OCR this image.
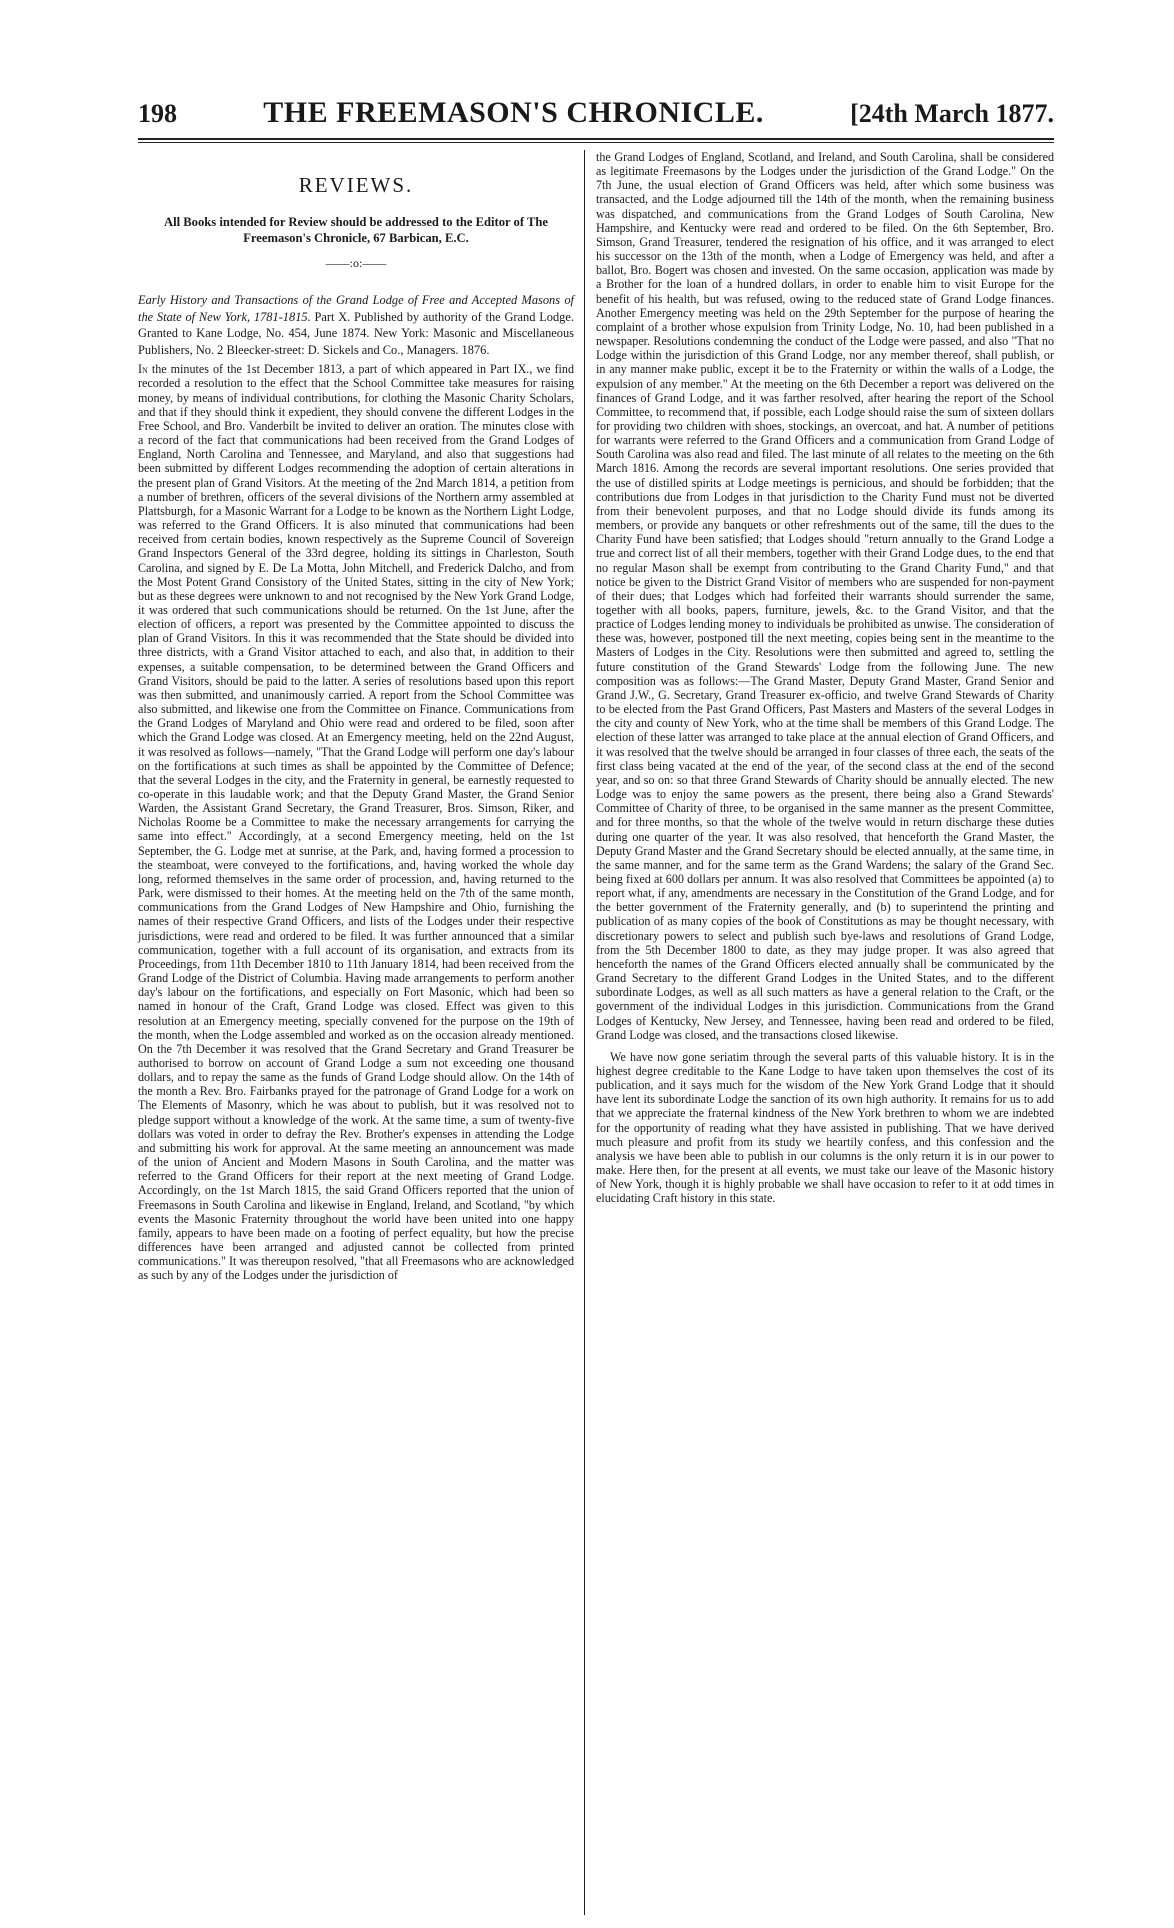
198	THE FREEMASON'S CHRONICLE.	[24th March 1877.
REVIEWS.
All Books intended for Review should be addressed to the Editor of The Freemason's Chronicle, 67 Barbican, E.C.
——:o:——

Early History and Transactions of the Grand Lodge of Free and Accepted Masons of the State of New York, 1781-1815. Part X. Published by authority of the Grand Lodge. Granted to Kane Lodge, No. 454, June 1874. New York: Masonic and Miscellaneous Publishers, No. 2 Bleecker-street: D. Sickels and Co., Managers. 1876.

In the minutes of the 1st December 1813, a part of which appeared in Part IX., we find recorded a resolution to the effect that the School Committee take measures for raising money, by means of individual contributions, for clothing the Masonic Charity Scholars, and that if they should think it expedient, they should convene the different Lodges in the Free School, and Bro. Vanderbilt be invited to deliver an oration. The minutes close with a record of the fact that communications had been received from the Grand Lodges of England, North Carolina and Tennessee, and Maryland, and also that suggestions had been submitted by different Lodges recommending the adoption of certain alterations in the present plan of Grand Visitors. At the meeting of the 2nd March 1814, a petition from a number of brethren, officers of the several divisions of the Northern army assembled at Plattsburgh, for a Masonic Warrant for a Lodge to be known as the Northern Light Lodge, was referred to the Grand Officers. It is also minuted that communications had been received from certain bodies, known respectively as the Supreme Council of Sovereign Grand Inspectors General of the 33rd degree, holding its sittings in Charleston, South Carolina, and signed by E. De La Motta, John Mitchell, and Frederick Dalcho, and from the Most Potent Grand Consistory of the United States, sitting in the city of New York; but as these degrees were unknown to and not recognised by the New York Grand Lodge, it was ordered that such communications should be returned. On the 1st June, after the election of officers, a report was presented by the Committee appointed to discuss the plan of Grand Visitors. In this it was recommended that the State should be divided into three districts, with a Grand Visitor attached to each, and also that, in addition to their expenses, a suitable compensation, to be determined between the Grand Officers and Grand Visitors, should be paid to the latter. A series of resolutions based upon this report was then submitted, and unanimously carried. A report from the School Committee was also submitted, and likewise one from the Committee on Finance. Communications from the Grand Lodges of Maryland and Ohio were read and ordered to be filed, soon after which the Grand Lodge was closed. At an Emergency meeting, held on the 22nd August, it was resolved as follows—namely, "That the Grand Lodge will perform one day's labour on the fortifications at such times as shall be appointed by the Committee of Defence; that the several Lodges in the city, and the Fraternity in general, be earnestly requested to co-operate in this laudable work; and that the Deputy Grand Master, the Grand Senior Warden, the Assistant Grand Secretary, the Grand Treasurer, Bros. Simson, Riker, and Nicholas Roome be a Committee to make the necessary arrangements for carrying the same into effect." Accordingly, at a second Emergency meeting, held on the 1st September, the G. Lodge met at sunrise, at the Park, and, having formed a procession to the steamboat, were conveyed to the fortifications, and, having worked the whole day long, reformed themselves in the same order of procession, and, having returned to the Park, were dismissed to their homes. At the meeting held on the 7th of the same month, communications from the Grand Lodges of New Hampshire and Ohio, furnishing the names of their respective Grand Officers, and lists of the Lodges under their respective jurisdictions, were read and ordered to be filed. It was further announced that a similar communication, together with a full account of its organisation, and extracts from its Proceedings, from 11th December 1810 to 11th January 1814, had been received from the Grand Lodge of the District of Columbia. Having made arrangements to perform another day's labour on the fortifications, and especially on Fort Masonic, which had been so named in honour of the Craft, Grand Lodge was closed. Effect was given to this resolution at an Emergency meeting, specially convened for the purpose on the 19th of the month, when the Lodge assembled and worked as on the occasion already mentioned. On the 7th December it was resolved that the Grand Secretary and Grand Treasurer be authorised to borrow on account of Grand Lodge a sum not exceeding one thousand dollars, and to repay the same as the funds of Grand Lodge should allow. On the 14th of the month a Rev. Bro. Fairbanks prayed for the patronage of Grand Lodge for a work on The Elements of Masonry, which he was about to publish, but it was resolved not to pledge support without a knowledge of the work. At the same time, a sum of twenty-five dollars was voted in order to defray the Rev. Brother's expenses in attending the Lodge and submitting his work for approval. At the same meeting an announcement was made of the union of Ancient and Modern Masons in South Carolina, and the matter was referred to the Grand Officers for their report at the next meeting of Grand Lodge. Accordingly, on the 1st March 1815, the said Grand Officers reported that the union of Freemasons in South Carolina and likewise in England, Ireland, and Scotland, "by which events the Masonic Fraternity throughout the world have been united into one happy family, appears to have been made on a footing of perfect equality, but how the precise differences have been arranged and adjusted cannot be collected from printed communications." It was thereupon resolved, "that all Freemasons who are acknowledged as such by any of the Lodges under the jurisdiction of

the Grand Lodges of England, Scotland, and Ireland, and South Carolina, shall be considered as legitimate Freemasons by the Lodges under the jurisdiction of the Grand Lodge." On the 7th June, the usual election of Grand Officers was held, after which some business was transacted, and the Lodge adjourned till the 14th of the month, when the remaining business was dispatched, and communications from the Grand Lodges of South Carolina, New Hampshire, and Kentucky were read and ordered to be filed. On the 6th September, Bro. Simson, Grand Treasurer, tendered the resignation of his office, and it was arranged to elect his successor on the 13th of the month, when a Lodge of Emergency was held, and after a ballot, Bro. Bogert was chosen and invested. On the same occasion, application was made by a Brother for the loan of a hundred dollars, in order to enable him to visit Europe for the benefit of his health, but was refused, owing to the reduced state of Grand Lodge finances. Another Emergency meeting was held on the 29th September for the purpose of hearing the complaint of a brother whose expulsion from Trinity Lodge, No. 10, had been published in a newspaper. Resolutions condemning the conduct of the Lodge were passed, and also "That no Lodge within the jurisdiction of this Grand Lodge, nor any member thereof, shall publish, or in any manner make public, except it be to the Fraternity or within the walls of a Lodge, the expulsion of any member." At the meeting on the 6th December a report was delivered on the finances of Grand Lodge, and it was farther resolved, after hearing the report of the School Committee, to recommend that, if possible, each Lodge should raise the sum of sixteen dollars for providing two children with shoes, stockings, an overcoat, and hat. A number of petitions for warrants were referred to the Grand Officers and a communication from Grand Lodge of South Carolina was also read and filed. The last minute of all relates to the meeting on the 6th March 1816. Among the records are several important resolutions. One series provided that the use of distilled spirits at Lodge meetings is pernicious, and should be forbidden; that the contributions due from Lodges in that jurisdiction to the Charity Fund must not be diverted from their benevolent purposes, and that no Lodge should divide its funds among its members, or provide any banquets or other refreshments out of the same, till the dues to the Charity Fund have been satisfied; that Lodges should "return annually to the Grand Lodge a true and correct list of all their members, together with their Grand Lodge dues, to the end that no regular Mason shall be exempt from contributing to the Grand Charity Fund," and that notice be given to the District Grand Visitor of members who are suspended for non-payment of their dues; that Lodges which had forfeited their warrants should surrender the same, together with all books, papers, furniture, jewels, &c. to the Grand Visitor, and that the practice of Lodges lending money to individuals be prohibited as unwise. The consideration of these was, however, postponed till the next meeting, copies being sent in the meantime to the Masters of Lodges in the City. Resolutions were then submitted and agreed to, settling the future constitution of the Grand Stewards' Lodge from the following June. The new composition was as follows:—The Grand Master, Deputy Grand Master, Grand Senior and Grand J.W., G. Secretary, Grand Treasurer ex-officio, and twelve Grand Stewards of Charity to be elected from the Past Grand Officers, Past Masters and Masters of the several Lodges in the city and county of New York, who at the time shall be members of this Grand Lodge. The election of these latter was arranged to take place at the annual election of Grand Officers, and it was resolved that the twelve should be arranged in four classes of three each, the seats of the first class being vacated at the end of the year, of the second class at the end of the second year, and so on: so that three Grand Stewards of Charity should be annually elected. The new Lodge was to enjoy the same powers as the present, there being also a Grand Stewards' Committee of Charity of three, to be organised in the same manner as the present Committee, and for three months, so that the whole of the twelve would in return discharge these duties during one quarter of the year. It was also resolved, that henceforth the Grand Master, the Deputy Grand Master and the Grand Secretary should be elected annually, at the same time, in the same manner, and for the same term as the Grand Wardens; the salary of the Grand Sec. being fixed at 600 dollars per annum. It was also resolved that Committees be appointed (a) to report what, if any, amendments are necessary in the Constitution of the Grand Lodge, and for the better government of the Fraternity generally, and (b) to superintend the printing and publication of as many copies of the book of Constitutions as may be thought necessary, with discretionary powers to select and publish such bye-laws and resolutions of Grand Lodge, from the 5th December 1800 to date, as they may judge proper. It was also agreed that henceforth the names of the Grand Officers elected annually shall be communicated by the Grand Secretary to the different Grand Lodges in the United States, and to the different subordinate Lodges, as well as all such matters as have a general relation to the Craft, or the government of the individual Lodges in this jurisdiction. Communications from the Grand Lodges of Kentucky, New Jersey, and Tennessee, having been read and ordered to be filed, Grand Lodge was closed, and the transactions closed likewise.

We have now gone seriatim through the several parts of this valuable history. It is in the highest degree creditable to the Kane Lodge to have taken upon themselves the cost of its publication, and it says much for the wisdom of the New York Grand Lodge that it should have lent its subordinate Lodge the sanction of its own high authority. It remains for us to add that we appreciate the fraternal kindness of the New York brethren to whom we are indebted for the opportunity of reading what they have assisted in publishing. That we have derived much pleasure and profit from its study we heartily confess, and this confession and the analysis we have been able to publish in our columns is the only return it is in our power to make. Here then, for the present at all events, we must take our leave of the Masonic history of New York, though it is highly probable we shall have occasion to refer to it at odd times in elucidating Craft history in this state.
